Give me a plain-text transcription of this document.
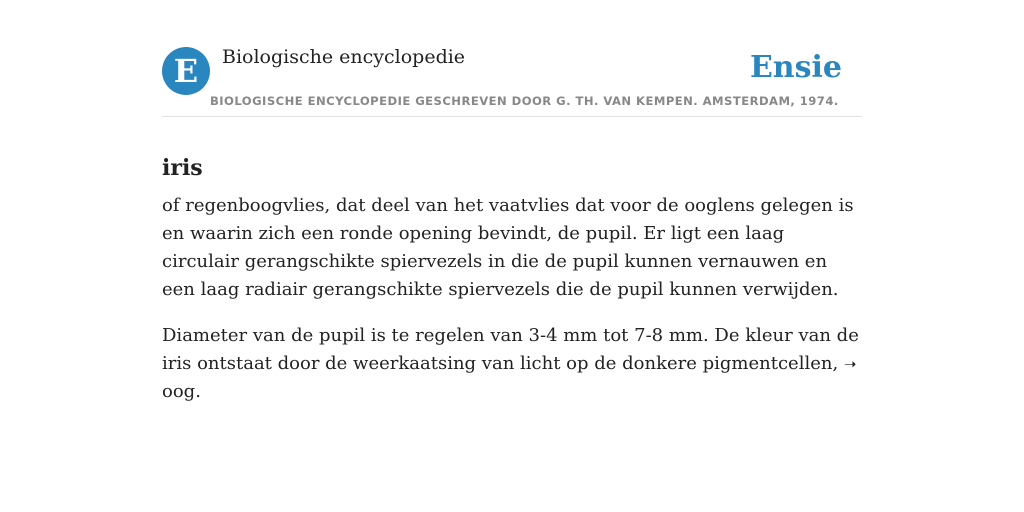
E	Biologische encyclopedie	Ensie
BIOLOGISCHE ENCYCLOPEDIE GESCHREVEN DOOR G. TH. VAN KEMPEN. AMSTERDAM, 1974.
iris

of regenboogvlies, dat deel van het vaatvlies dat voor de ooglens gelegen is en waarin zich een ronde opening bevindt, de pupil. Er ligt een laag circulair gerangschikte spiervezels in die de pupil kunnen vernauwen en een laag radiair gerangschikte spiervezels die de pupil kunnen verwijden.

Diameter van de pupil is te regelen van 3-4 mm tot 7-8 mm. De kleur van de iris ontstaat door de weerkaatsing van licht op de donkere pigmentcellen, ➝ oog.
